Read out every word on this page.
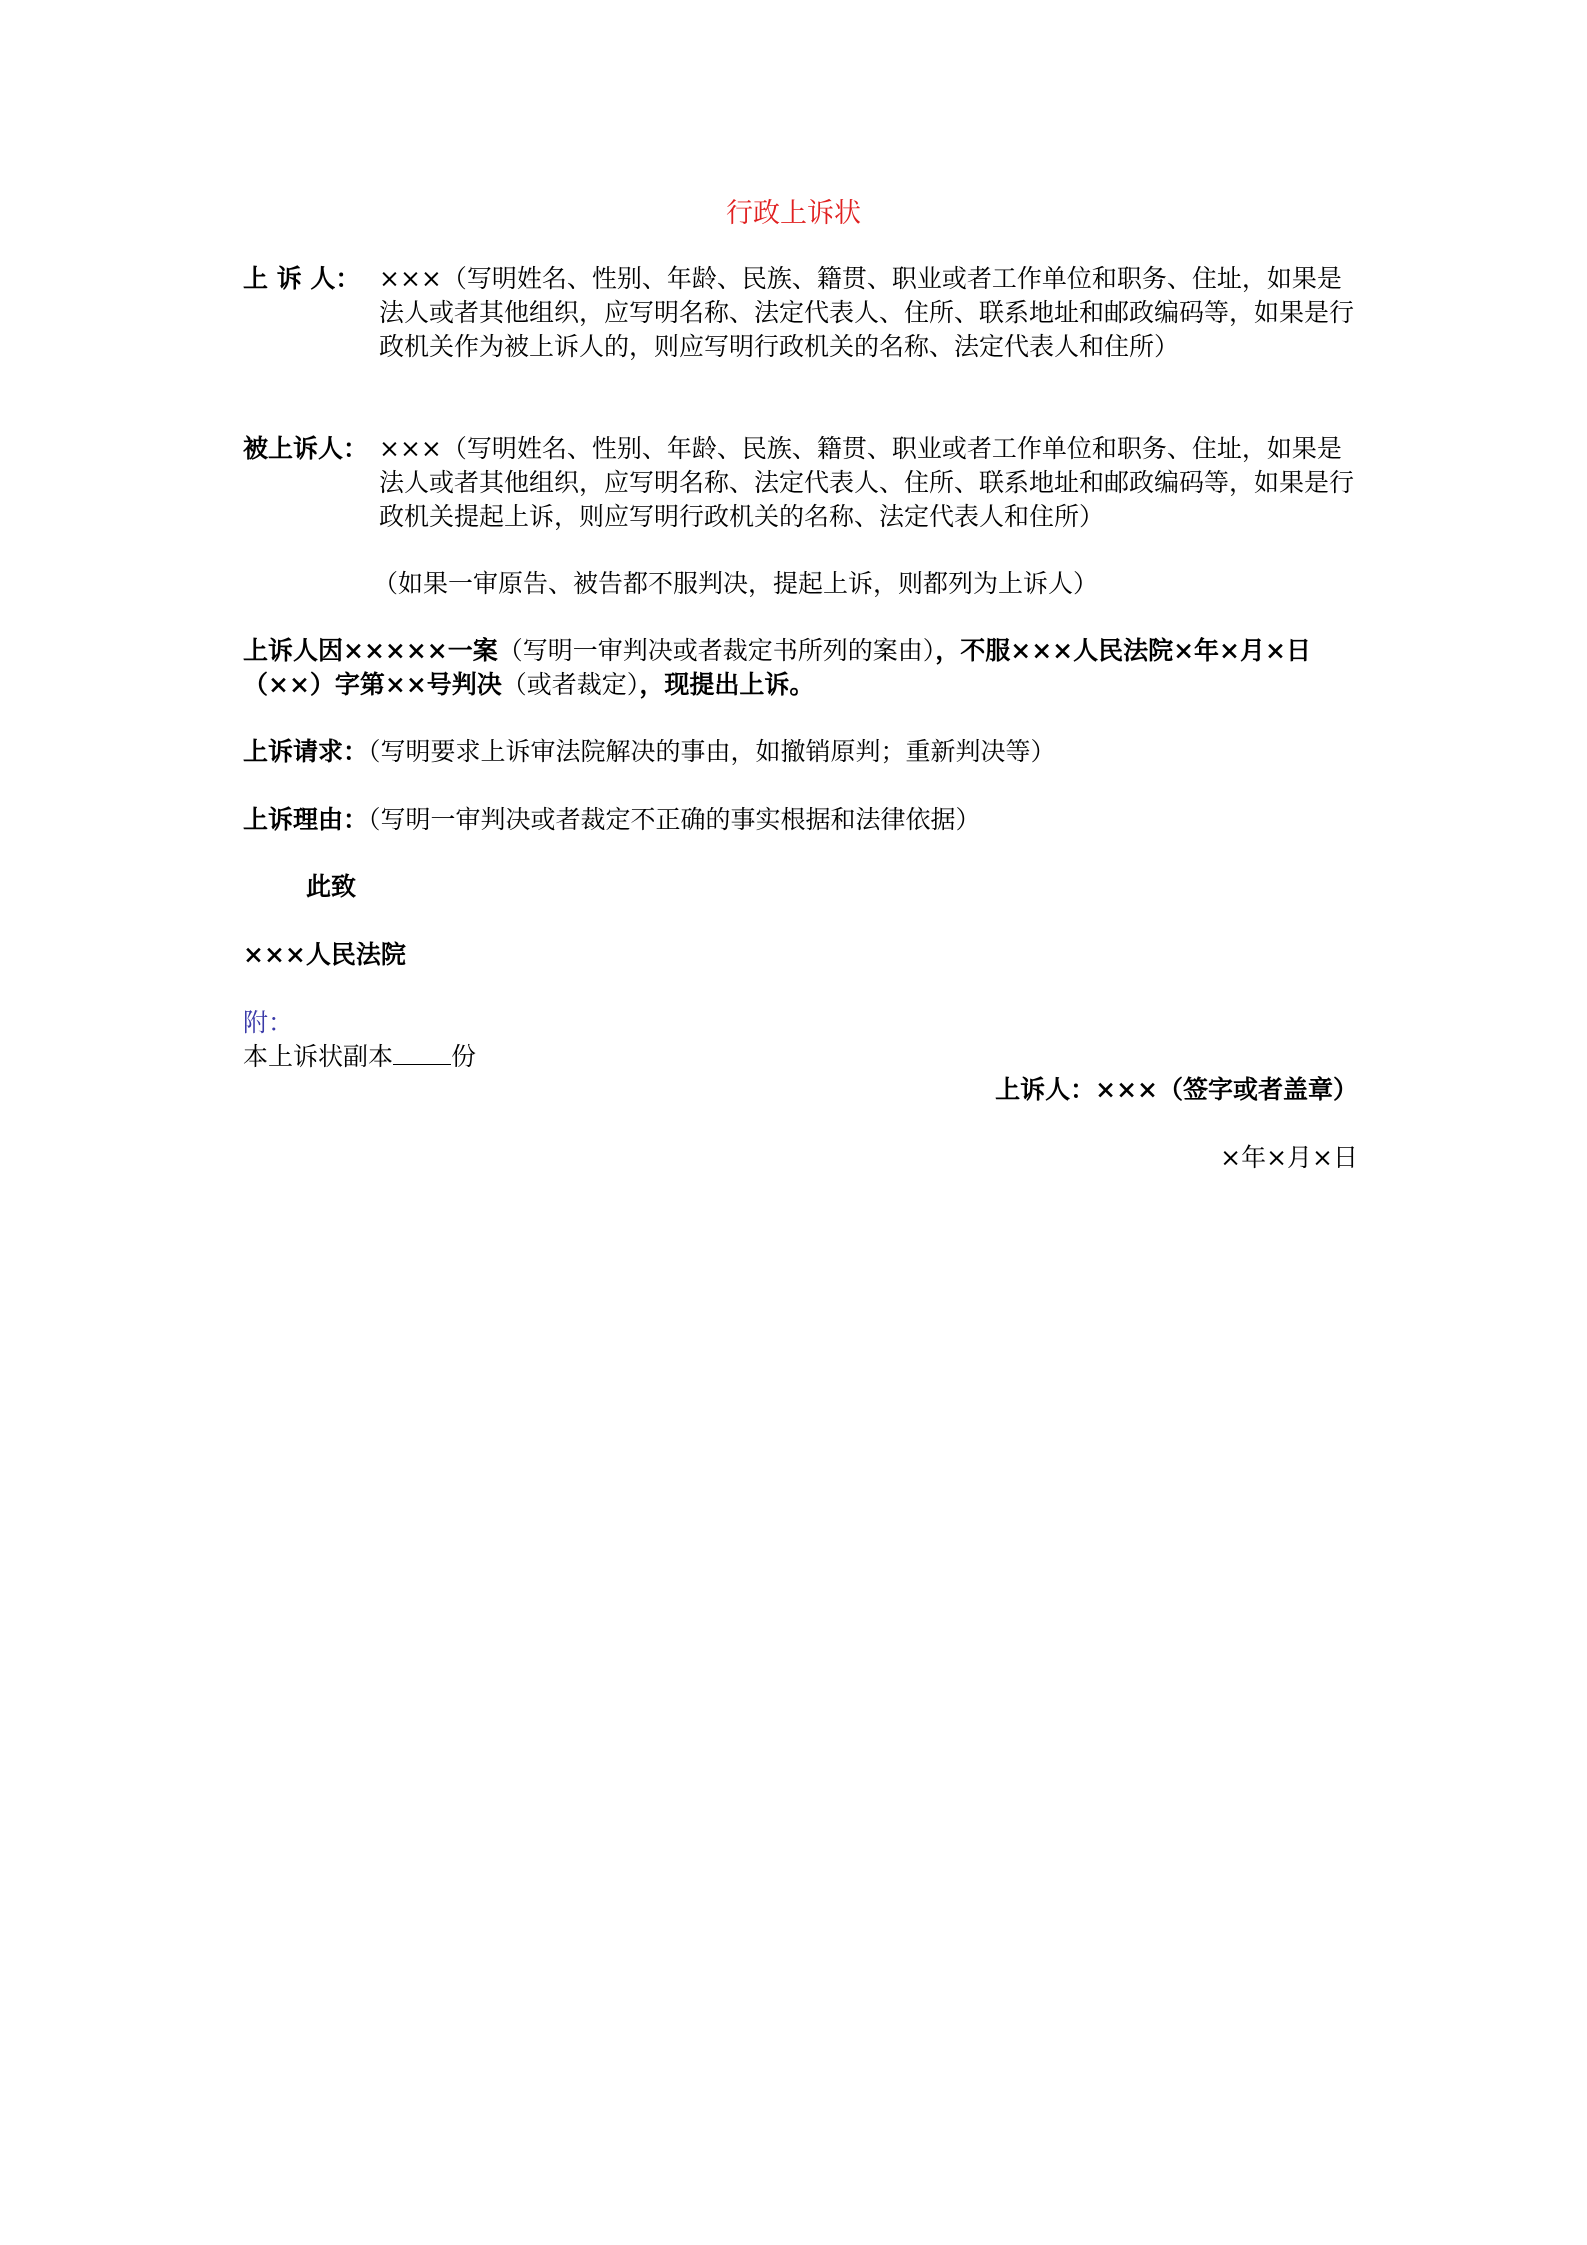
行政上诉状
上 诉 人： ×××（写明姓名、性别、年龄、民族、籍贯、职业或者工作单位和职务、住址，如果是法人或者其他组织，应写明名称、法定代表人、住所、联系地址和邮政编码等，如果是行政机关作为被上诉人的，则应写明行政机关的名称、法定代表人和住所）
被上诉人： ×××（写明姓名、性别、年龄、民族、籍贯、职业或者工作单位和职务、住址，如果是法人或者其他组织，应写明名称、法定代表人、住所、联系地址和邮政编码等，如果是行政机关提起上诉，则应写明行政机关的名称、法定代表人和住所）
（如果一审原告、被告都不服判决，提起上诉，则都列为上诉人）
上诉人因×××××一案（写明一审判决或者裁定书所列的案由），不服×××人民法院×年×月×日（××）字第××号判决（或者裁定），现提出上诉。
上诉请求：（写明要求上诉审法院解决的事由，如撤销原判；重新判决等）
上诉理由：（写明一审判决或者裁定不正确的事实根据和法律依据）
此致
×××人民法院
附：
本上诉状副本 份
上诉人：×××（签字或者盖章）
×年×月×日
